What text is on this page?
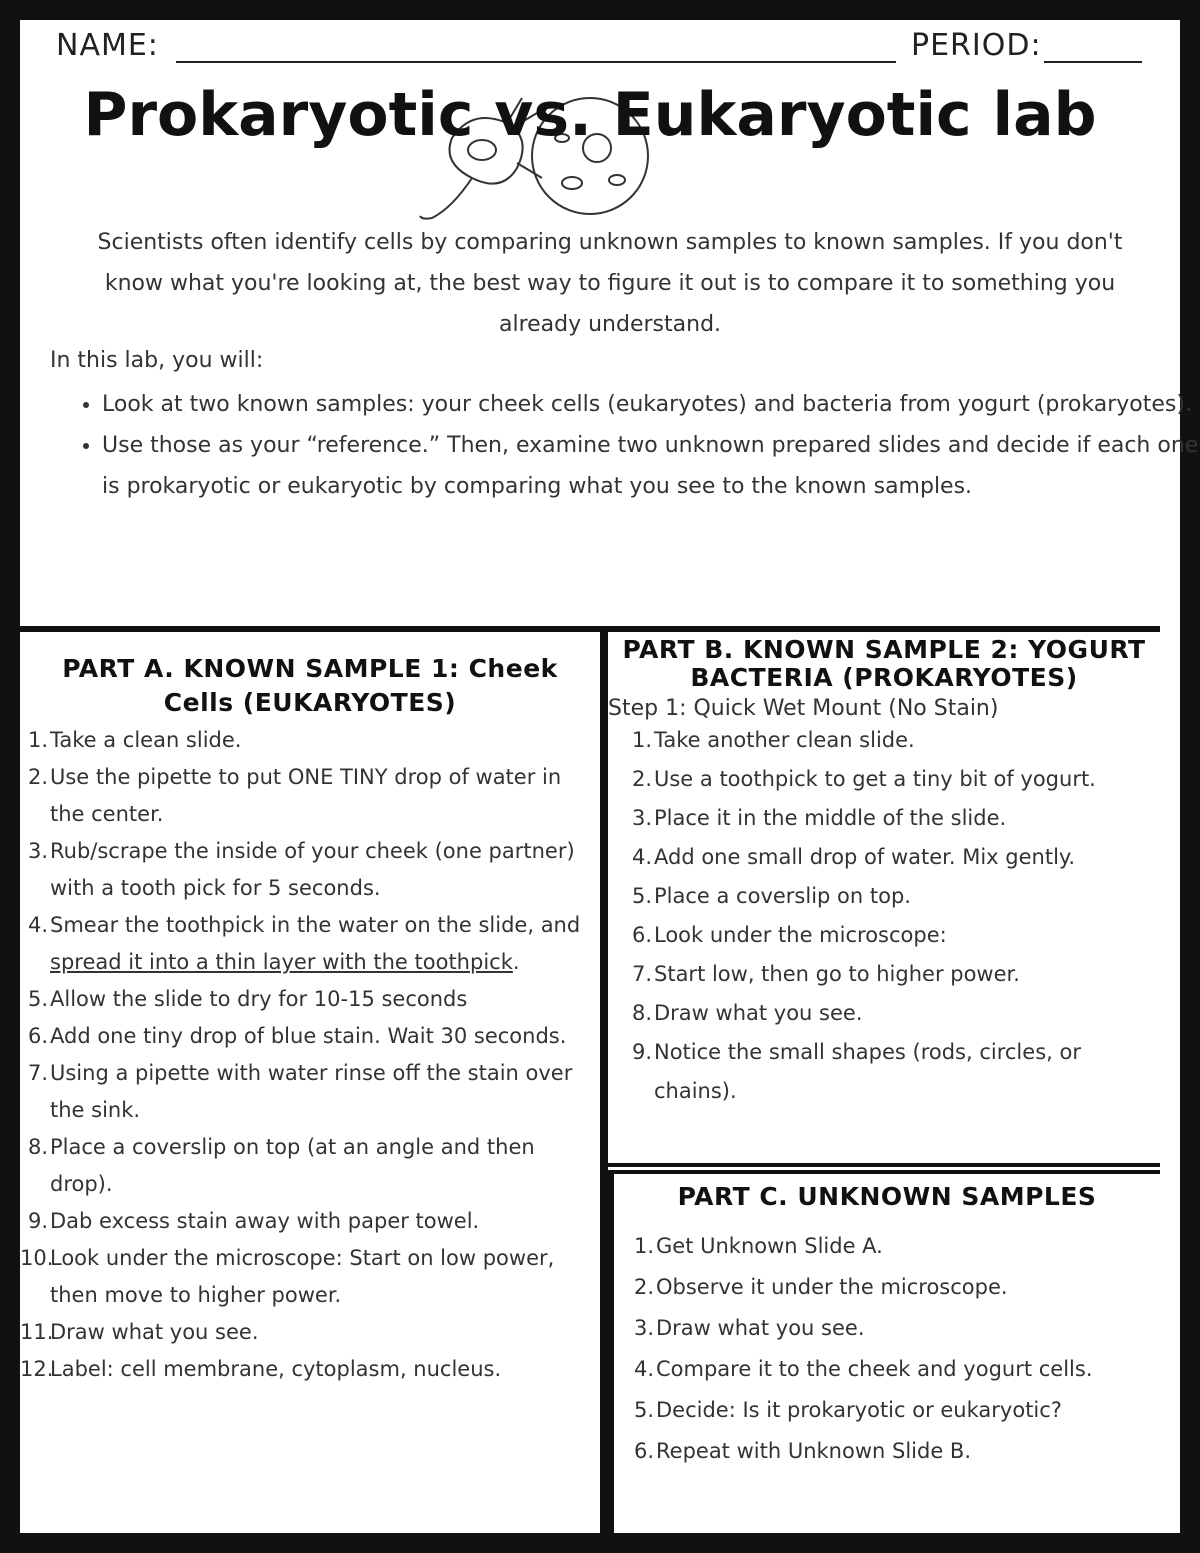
NAME:	PERIOD:
Prokaryotic vs. Eukaryotic lab
Scientists often identify cells by comparing unknown samples to known samples. If you don't know what you're looking at, the best way to figure it out is to compare it to something you already understand.
In this lab, you will:
• Look at two known samples: your cheek cells (eukaryotes) and bacteria from yogurt (prokaryotes).
• Use those as your “reference.” Then, examine two unknown prepared slides and decide if each one is prokaryotic or eukaryotic by comparing what you see to the known samples.
PART A. KNOWN SAMPLE 1: Cheek Cells (EUKARYOTES)
1. Take a clean slide.
2. Use the pipette to put ONE TINY drop of water in the center.
3. Rub/scrape the inside of your cheek (one partner) with a tooth pick for 5 seconds.
4. Smear the toothpick in the water on the slide, and spread it into a thin layer with the toothpick.
5. Allow the slide to dry for 10-15 seconds
6. Add one tiny drop of blue stain. Wait 30 seconds.
7. Using a pipette with water rinse off the stain over the sink.
8. Place a coverslip on top (at an angle and then drop).
9. Dab excess stain away with paper towel.
10.
Look under the microscope: Start on low power, then move to higher power.
11.
Draw what you see.
12.
Label: cell membrane, cytoplasm, nucleus.
PART B. KNOWN SAMPLE 2: YOGURT BACTERIA (PROKARYOTES)
Step 1: Quick Wet Mount (No Stain)
1. Take another clean slide.
2. Use a toothpick to get a tiny bit of yogurt.
3. Place it in the middle of the slide.
4. Add one small drop of water. Mix gently.
5. Place a coverslip on top.
6. Look under the microscope:
7. Start low, then go to higher power.
8. Draw what you see.
9. Notice the small shapes (rods, circles, or chains).
PART C. UNKNOWN SAMPLES
1. Get Unknown Slide A.
2. Observe it under the microscope.
3. Draw what you see.
4. Compare it to the cheek and yogurt cells.
5. Decide: Is it prokaryotic or eukaryotic?
6. Repeat with Unknown Slide B.
